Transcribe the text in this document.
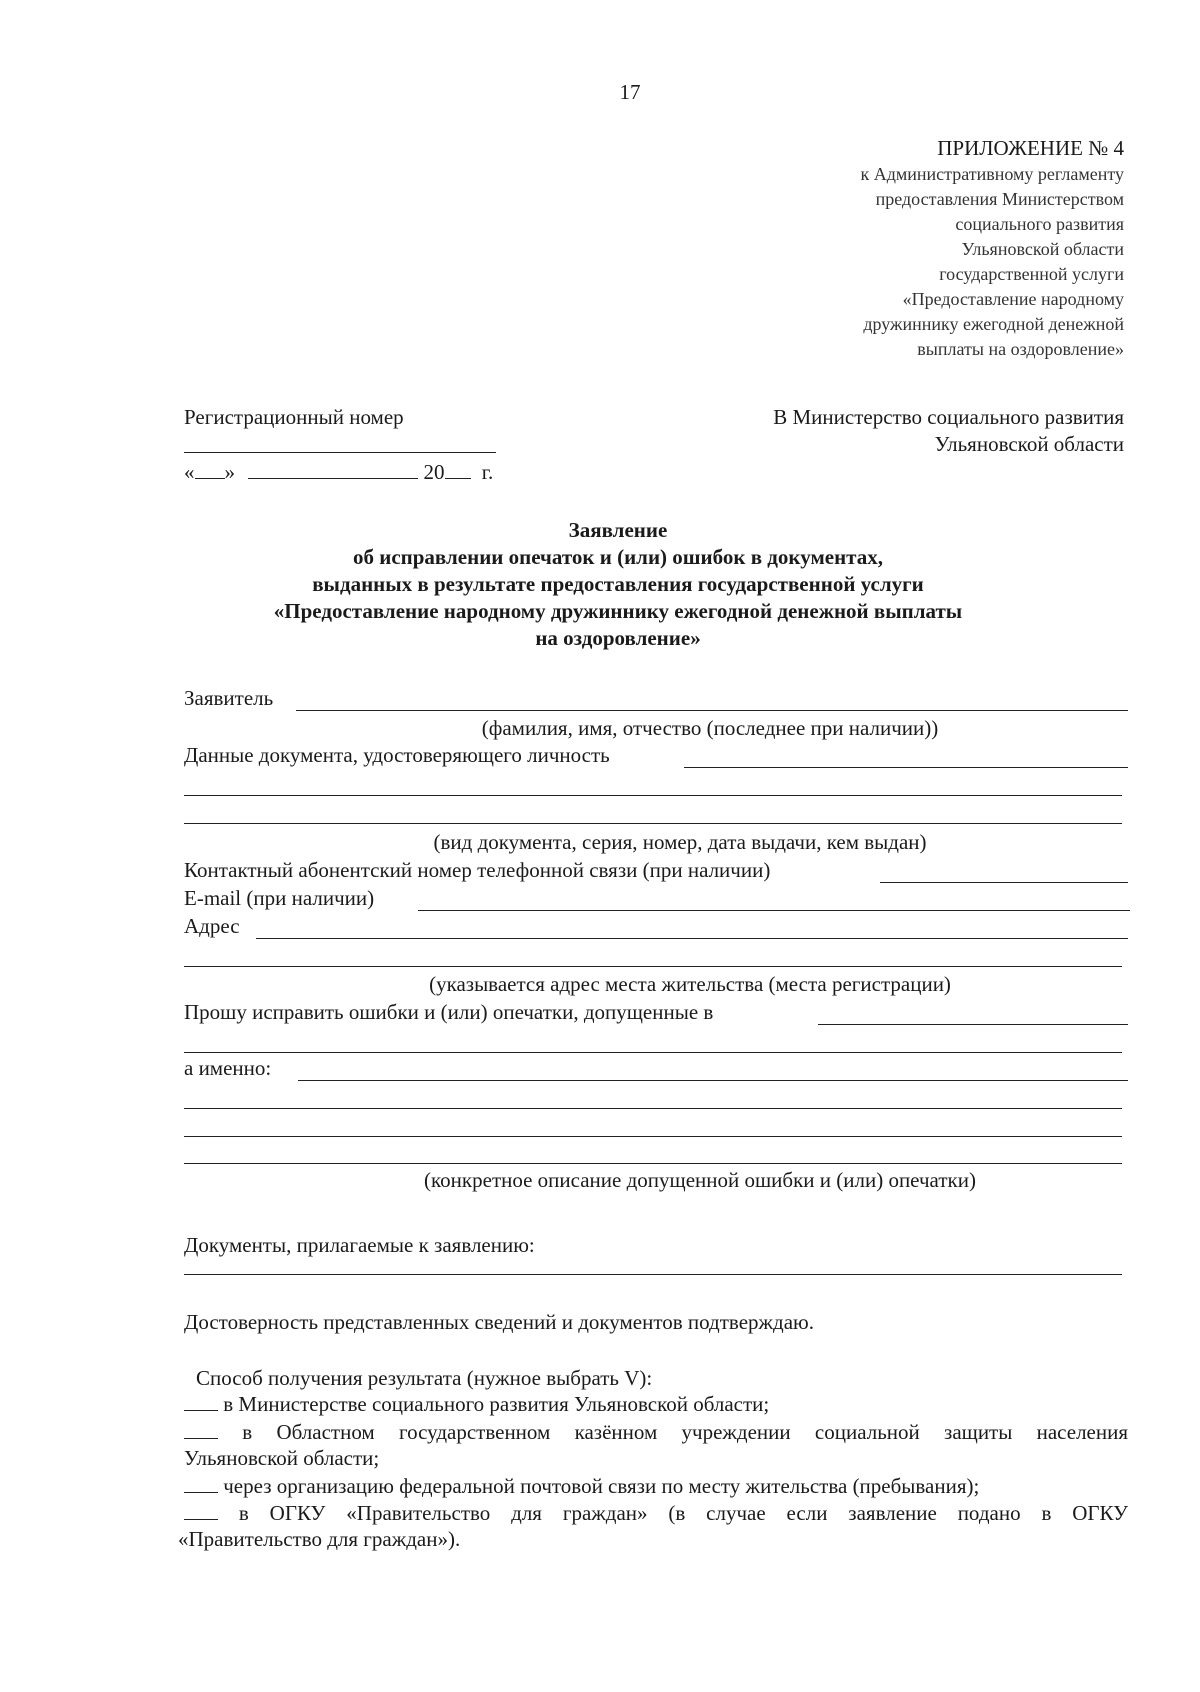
17
ПРИЛОЖЕНИЕ № 4
к Административному регламенту
предоставления Министерством
социального развития
Ульяновской области
государственной услуги
«Предоставление народному
дружиннику ежегодной денежной
выплаты на оздоровление»
Регистрационный номер
« »	20 г.
В Министерство социального развития
Ульяновской области
Заявление
об исправлении опечаток и (или) ошибок в документах,
выданных в результате предоставления государственной услуги
«Предоставление народному дружиннику ежегодной денежной выплаты
на оздоровление»
Заявитель
(фамилия, имя, отчество (последнее при наличии))
Данные документа, удостоверяющего личность
(вид документа, серия, номер, дата выдачи, кем выдан)
Контактный абонентский номер телефонной связи (при наличии)
E-mail (при наличии)
Адрес
(указывается адрес места жительства (места регистрации)
Прошу исправить ошибки и (или) опечатки, допущенные в
а именно:
(конкретное описание допущенной ошибки и (или) опечатки)
Документы, прилагаемые к заявлению:
Достоверность представленных сведений и документов подтверждаю.
Способ получения результата (нужное выбрать V):
в Министерстве социального развития Ульяновской области;
в Областном государственном казённом учреждении социальной защиты населения
Ульяновской области;
через организацию федеральной почтовой связи по месту жительства (пребывания);
в ОГКУ «Правительство для граждан» (в случае если заявление подано в ОГКУ
«Правительство для граждан»).
